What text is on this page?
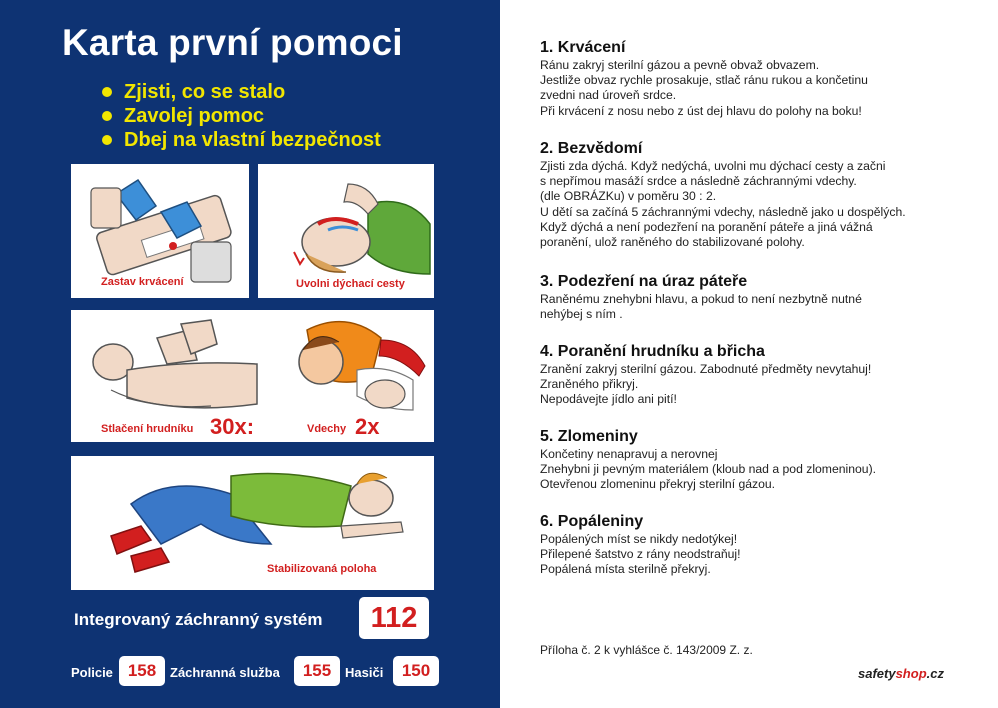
Karta první pomoci
Zjisti, co se stalo
Zavolej pomoc
Dbej na vlastní bezpečnost
Zastav krvácení	Uvolni dýchací cesty
Stlačení hrudníku 30x:	Vdechy 2x
Stabilizovaná poloha
Integrovaný záchranný systém	112
Policie 158	Záchranná služba	155	Hasiči	150
1. Krvácení

Ránu zakryj sterilní gázou a pevně obvaž obvazem.

Jestliže obvaz rychle prosakuje, stlač ránu rukou a končetinu

zvedni nad úroveň srdce.

Při krvácení z nosu nebo z úst dej hlavu do polohy na boku!

2. Bezvědomí

Zjisti zda dýchá. Když nedýchá, uvolni mu dýchací cesty a začni

s nepřímou masáží srdce a následně záchrannými vdechy.

(dle OBRÁZKu) v poměru 30 : 2.

U dětí sa začíná 5 záchrannými vdechy, následně jako u dospělých.

Když dýchá a není podezření na poranění páteře a jiná vážná

poranění, ulož raněného do stabilizované polohy.

3. Podezření na úraz páteře

Raněnému znehybni hlavu, a pokud to není nezbytně nutné

nehýbej s ním .

4. Poranění hrudníku a břicha

Zranění zakryj sterilní gázou. Zabodnuté předměty nevytahuj!

Zraněného přikryj.

Nepodávejte jídlo ani pití!

5. Zlomeniny

Končetiny nenapravuj a nerovnej

Znehybni ji pevným materiálem (kloub nad a pod zlomeninou).

Otevřenou zlomeninu překryj sterilní gázou.

6. Popáleniny

Popálených míst se nikdy nedotýkej!

Přilepené šatstvo z rány neodstraňuj!

Popálená místa sterilně překryj.

Příloha č. 2 k vyhlášce č. 143/2009 Z. z.
safetyshop.cz
